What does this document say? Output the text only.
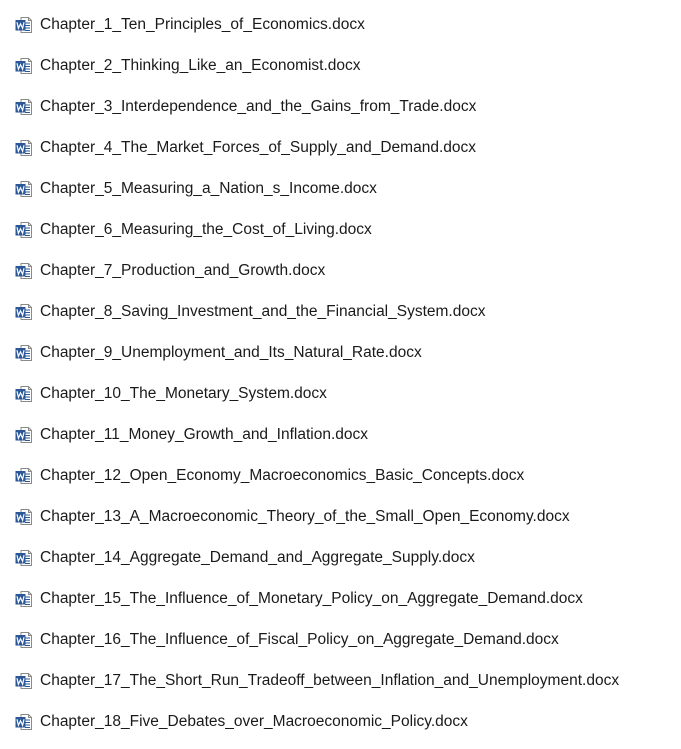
Chapter_1_Ten_Principles_of_Economics.docx
Chapter_2_Thinking_Like_an_Economist.docx
Chapter_3_Interdependence_and_the_Gains_from_Trade.docx
Chapter_4_The_Market_Forces_of_Supply_and_Demand.docx
Chapter_5_Measuring_a_Nation_s_Income.docx
Chapter_6_Measuring_the_Cost_of_Living.docx
Chapter_7_Production_and_Growth.docx
Chapter_8_Saving_Investment_and_the_Financial_System.docx
Chapter_9_Unemployment_and_Its_Natural_Rate.docx
Chapter_10_The_Monetary_System.docx
Chapter_11_Money_Growth_and_Inflation.docx
Chapter_12_Open_Economy_Macroeconomics_Basic_Concepts.docx
Chapter_13_A_Macroeconomic_Theory_of_the_Small_Open_Economy.docx
Chapter_14_Aggregate_Demand_and_Aggregate_Supply.docx
Chapter_15_The_Influence_of_Monetary_Policy_on_Aggregate_Demand.docx
Chapter_16_The_Influence_of_Fiscal_Policy_on_Aggregate_Demand.docx
Chapter_17_The_Short_Run_Tradeoff_between_Inflation_and_Unemployment.docx
Chapter_18_Five_Debates_over_Macroeconomic_Policy.docx
